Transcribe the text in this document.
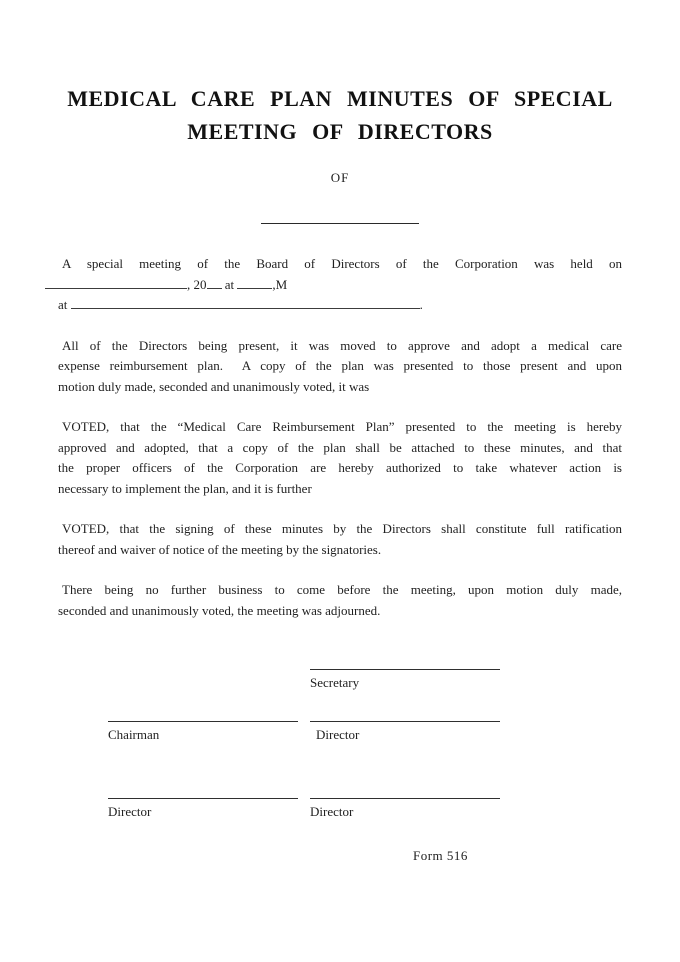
MEDICAL CARE PLAN MINUTES OF SPECIAL
MEETING OF DIRECTORS
OF
A special meeting of the Board of Directors of the Corporation was held on
, 20 at	,M
at	.
All of the Directors being present, it was moved to approve and adopt a medical care
expense reimbursement plan.  A copy of the plan was presented to those present and upon
motion duly made, seconded and unanimously voted, it was
VOTED, that the “Medical Care Reimbursement Plan” presented to the meeting is hereby
approved and adopted, that a copy of the plan shall be attached to these minutes, and that
the proper officers of the Corporation are hereby authorized to take whatever action is
necessary to implement the plan, and it is further
VOTED, that the signing of these minutes by the Directors shall constitute full ratification
thereof and waiver of notice of the meeting by the signatories.
There being no further business to come before the meeting, upon motion duly made,
seconded and unanimously voted, the meeting was adjourned.
Secretary
Chairman	Director
Director	Director
Form 516
